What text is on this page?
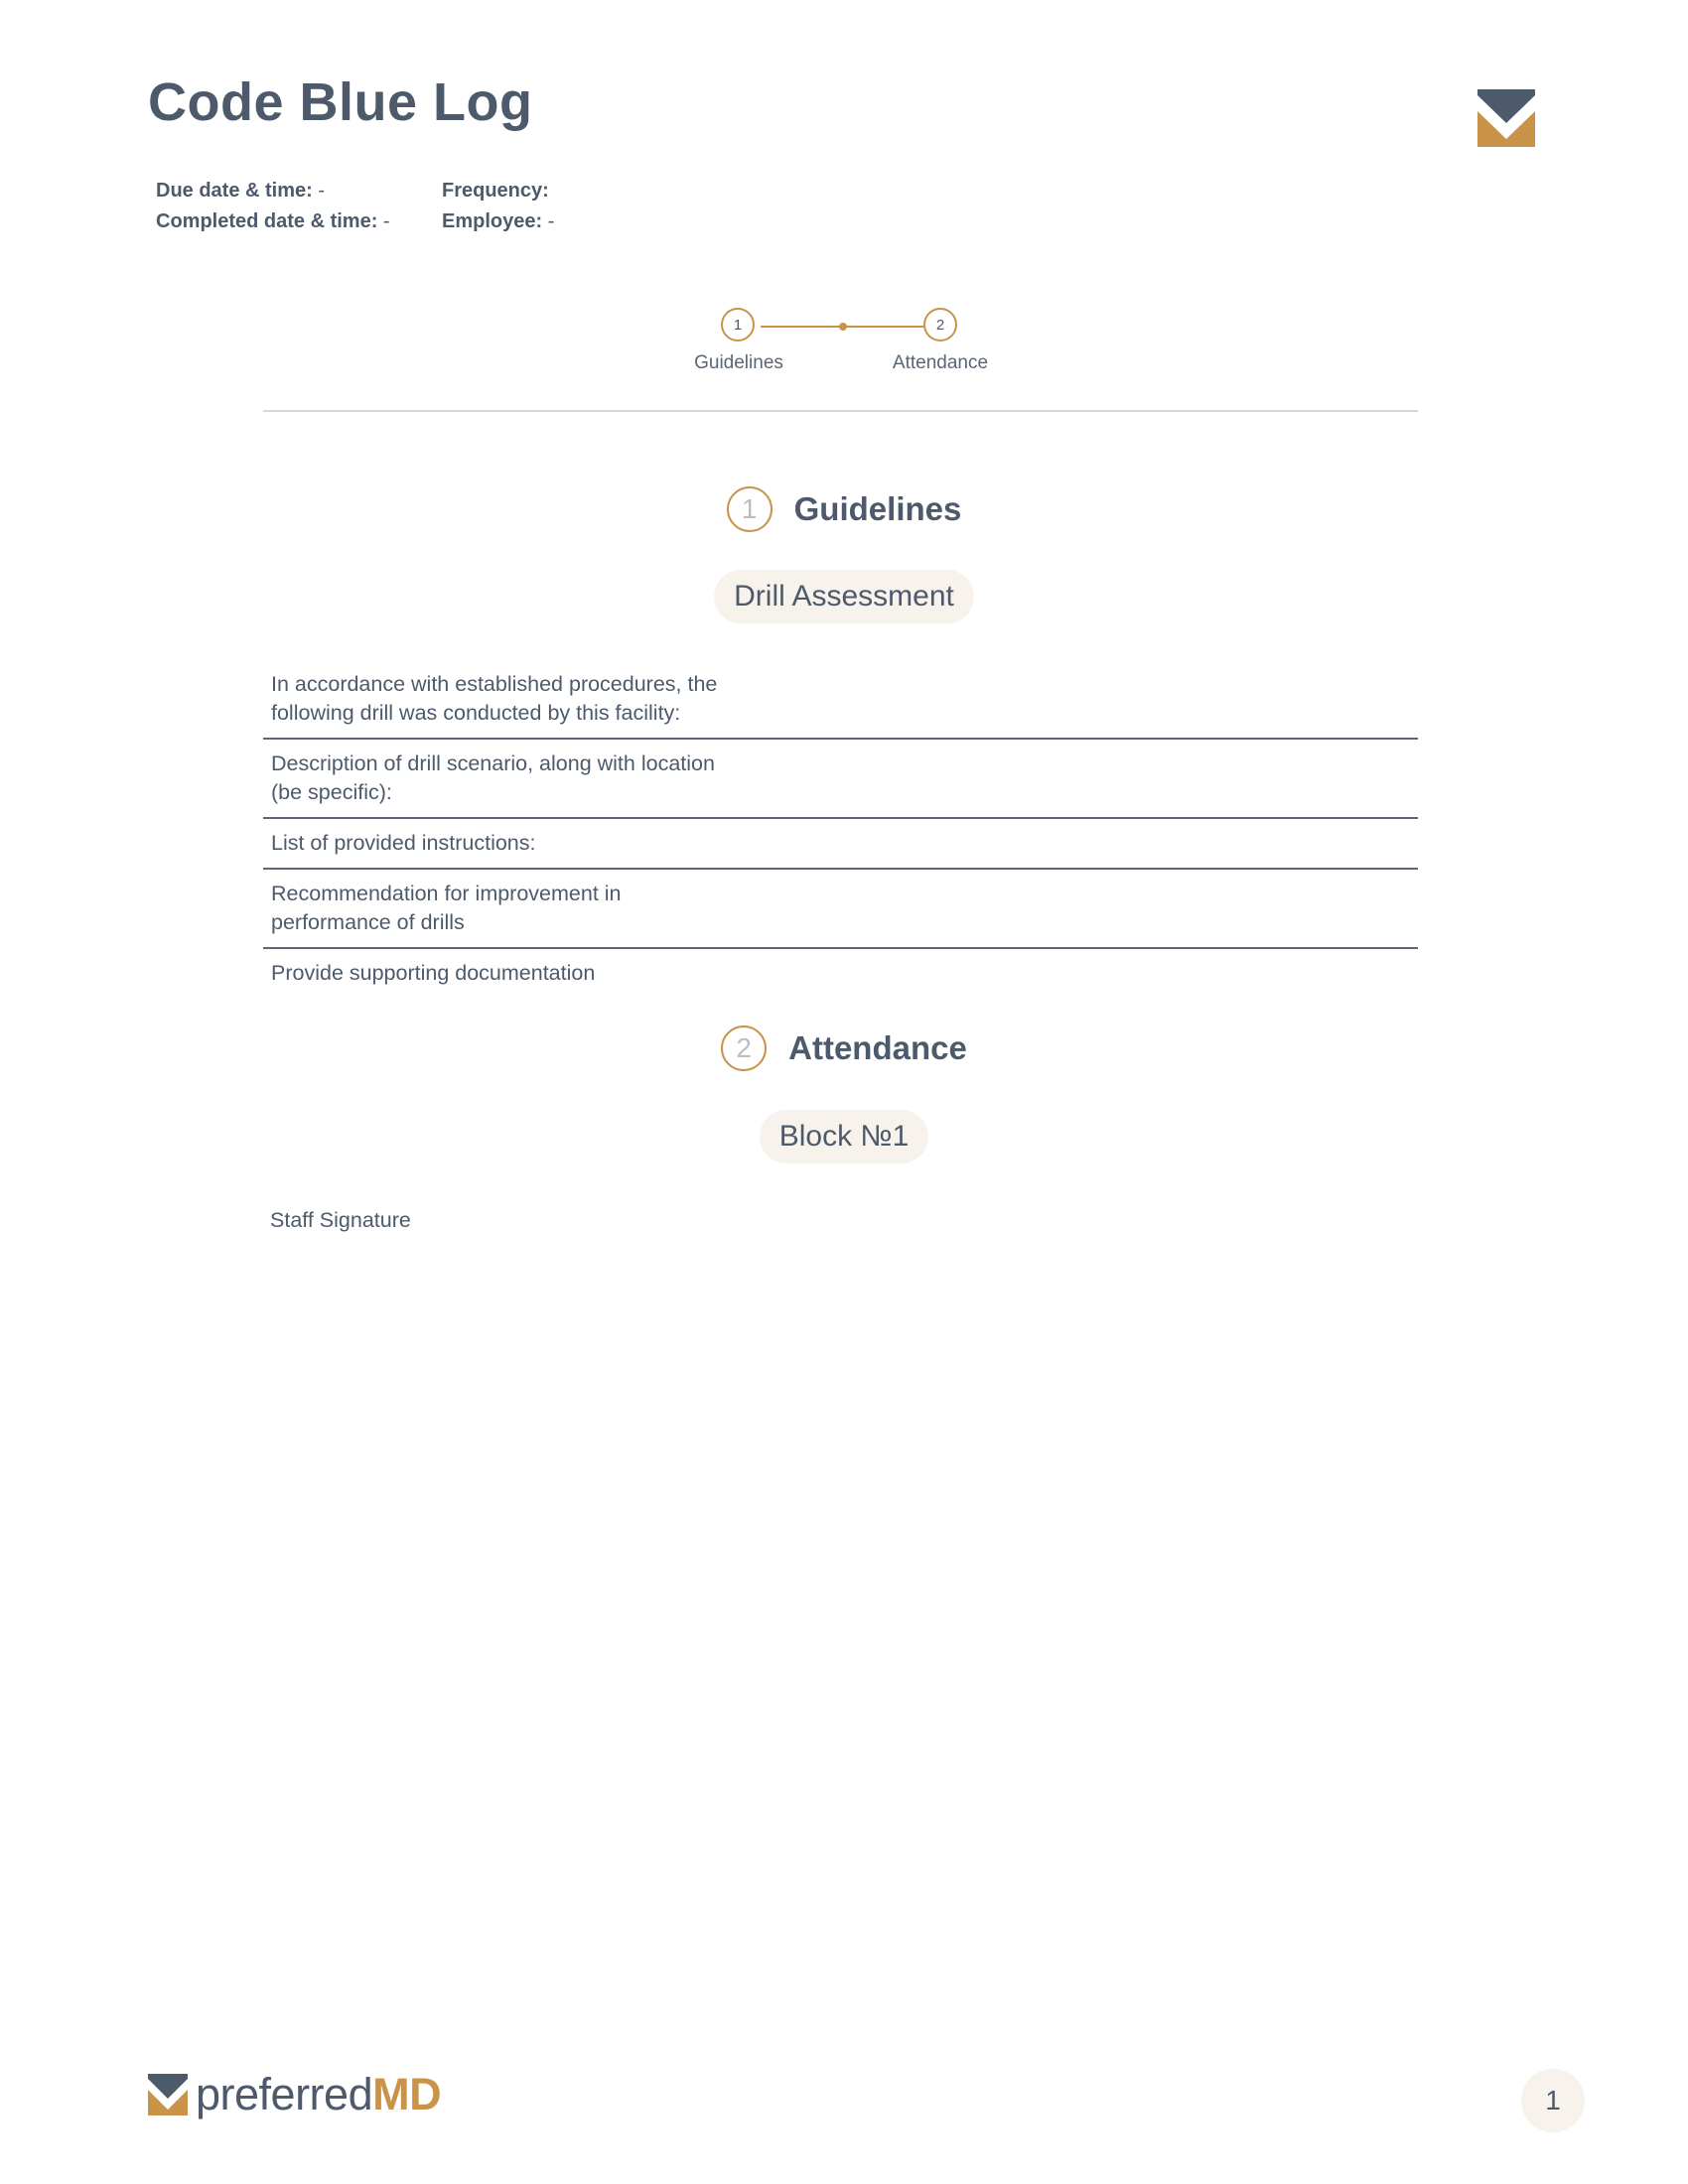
Code Blue Log
Due date & time: -
Completed date & time: -
Frequency:
Employee: -
1
Guidelines
2
Attendance
1	Guidelines
Drill Assessment
In accordance with established procedures, the
following drill was conducted by this facility:
Description of drill scenario, along with location
(be specific):
List of provided instructions:
Recommendation for improvement in
performance of drills
Provide supporting documentation
2	Attendance
Block №1
Staff Signature
preferredMD	1
